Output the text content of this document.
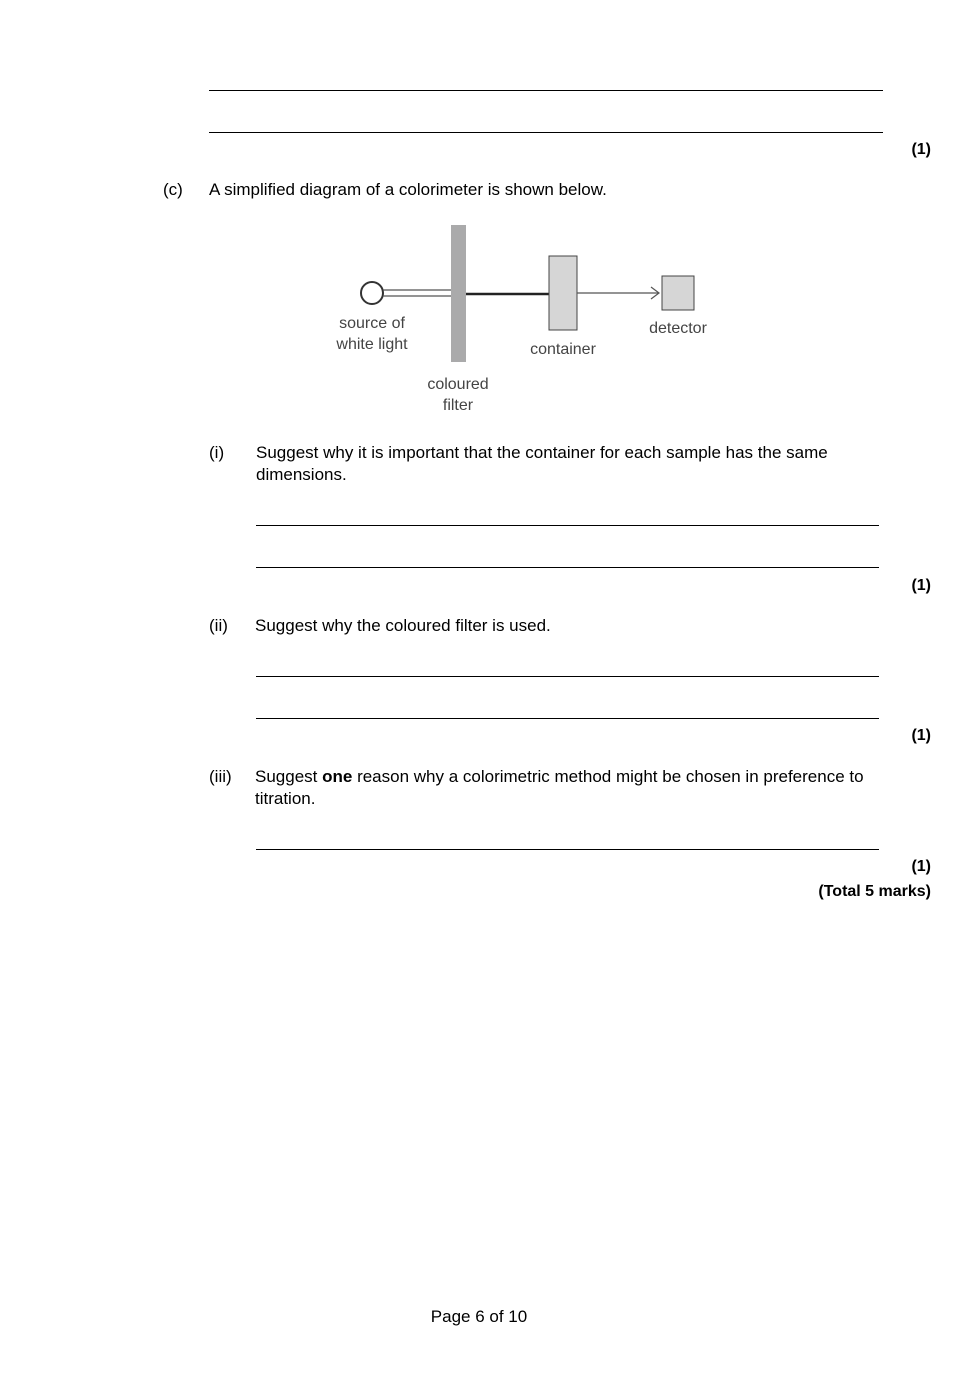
(1)
(c) A simplified diagram of a colorimeter is shown below.
source of
white light
coloured
filter
container
detector
(i) Suggest why it is important that the container for each sample has the same dimensions.
(1)
(ii) Suggest why the coloured filter is used.
(1)
(iii) Suggest one reason why a colorimetric method might be chosen in preference to titration.
(1)
(Total 5 marks)
Page 6 of 10
